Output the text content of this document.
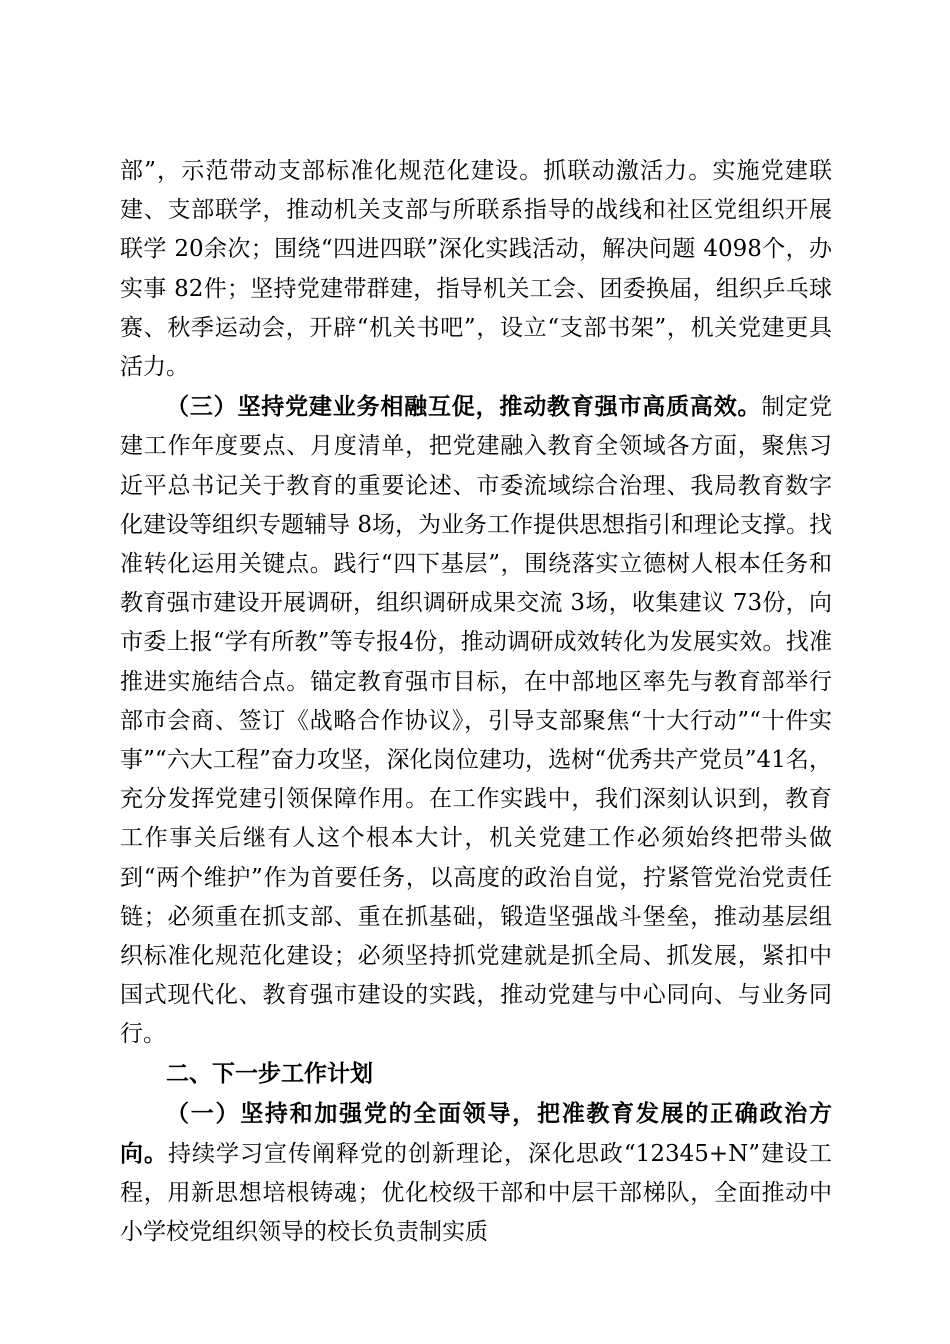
部”，示范带动支部标准化规范化建设。抓联动激活力。实施党建联建、支部联学，推动机关支部与所联系指导的战线和社区党组织开展联学 20余次；围绕“四进四联”深化实践活动，解决问题 4098个，办实事 82件；坚持党建带群建，指导机关工会、团委换届，组织乒乓球赛、秋季运动会，开辟“机关书吧”，设立“支部书架”，机关党建更具活力。

（三）坚持党建业务相融互促，推动教育强市高质高效。制定党建工作年度要点、月度清单，把党建融入教育全领域各方面，聚焦习近平总书记关于教育的重要论述、市委流域综合治理、我局教育数字化建设等组织专题辅导 8场，为业务工作提供思想指引和理论支撑。找准转化运用关键点。践行“四下基层”，围绕落实立德树人根本任务和教育强市建设开展调研，组织调研成果交流 3场，收集建议 73份，向市委上报“学有所教”等专报4份，推动调研成效转化为发展实效。找准推进实施结合点。锚定教育强市目标，在中部地区率先与教育部举行部市会商、签订《战略合作协议》，引导支部聚焦“十大行动”“十件实事”“六大工程”奋力攻坚，深化岗位建功，选树“优秀共产党员”41名，充分发挥党建引领保障作用。在工作实践中，我们深刻认识到，教育工作事关后继有人这个根本大计，机关党建工作必须始终把带头做到“两个维护”作为首要任务，以高度的政治自觉，拧紧管党治党责任链；必须重在抓支部、重在抓基础，锻造坚强战斗堡垒，推动基层组织标准化规范化建设；必须坚持抓党建就是抓全局、抓发展，紧扣中国式现代化、教育强市建设的实践，推动党建与中心同向、与业务同行。

二、下一步工作计划

（一）坚持和加强党的全面领导，把准教育发展的正确政治方向。持续学习宣传阐释党的创新理论，深化思政“12345+N”建设工程，用新思想培根铸魂；优化校级干部和中层干部梯队，全面推动中小学校党组织领导的校长负责制实质
